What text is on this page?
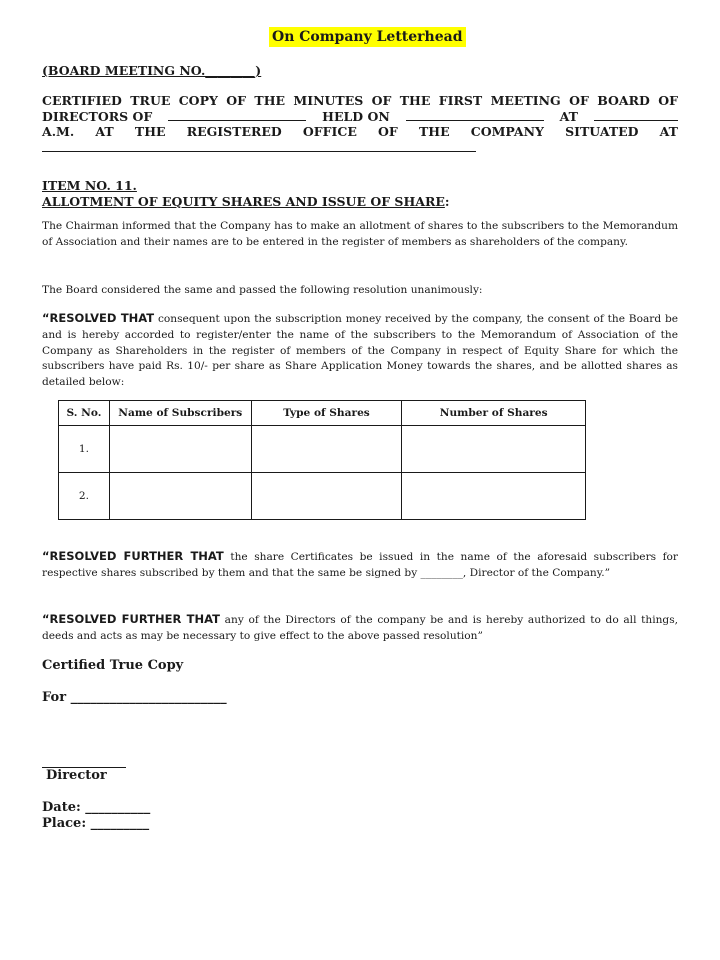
On Company Letterhead
(BOARD MEETING NO.________)
CERTIFIED TRUE COPY OF THE MINUTES OF THE FIRST MEETING OF BOARD OF
DIRECTORS OF	HELD ON	AT
A.M. AT THE REGISTERED OFFICE OF THE COMPANY SITUATED AT
ITEM NO. 11.
ALLOTMENT OF EQUITY SHARES AND ISSUE OF SHARE:
The Chairman informed that the Company has to make an allotment of shares to the subscribers to the Memorandum of Association and their names are to be entered in the register of members as shareholders of the company.
The Board considered the same and passed the following resolution unanimously:
“RESOLVED THAT consequent upon the subscription money received by the company, the consent of the Board be and is hereby accorded to register/enter the name of the subscribers to the Memorandum of Association of the Company as Shareholders in the register of members of the Company in respect of Equity Share for which the subscribers have paid Rs. 10/- per share as Share Application Money towards the shares, and be allotted shares as detailed below:
S. No.	Name of Subscribers	Type of Shares	Number of Shares
1.			
2.			
“RESOLVED FURTHER THAT the share Certificates be issued in the name of the aforesaid subscribers for respective shares subscribed by them and that the same be signed by ________, Director of the Company.”
“RESOLVED FURTHER THAT any of the Directors of the company be and is hereby authorized to do all things, deeds and acts as may be necessary to give effect to the above passed resolution”
Certified True Copy
For ________________________
Director
Date: __________
Place: _________
